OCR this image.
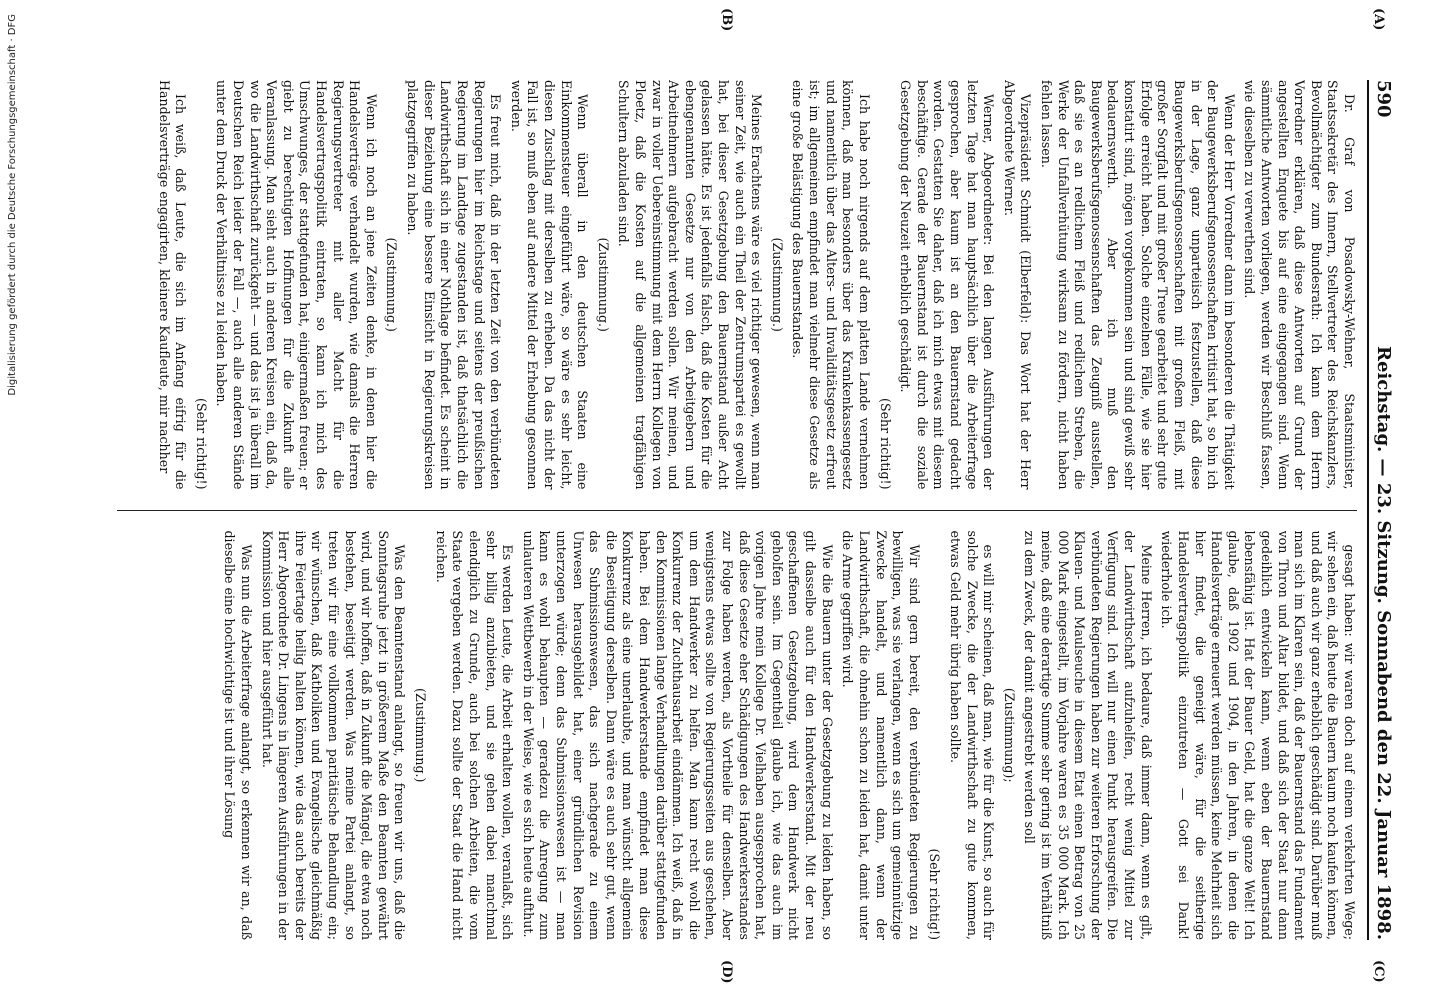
590
Reichstag. — 23. Sitzung. Sonnabend den 22. Januar 1898.

Dr. Graf von Posadowsky-Wehner, Staatsminister, Staatssekretär des Innern, Stellvertreter des Reichskanzlers, Bevollmächtigter zum Bundesrath: Ich kann dem Herrn Vorredner erklären, daß diese Antworten auf Grund der angestellten Enquete bis auf eine eingegangen sind. Wenn sämmtliche Antworten vorliegen, werden wir Beschluß fassen, wie dieselben zu verwerthen sind.

Wenn der Herr Vorredner dann im besonderen die Thätigkeit der Baugewerksberufsgenossenschaften kritisirt hat, so bin ich in der Lage, ganz unparteiisch festzustellen, daß diese Baugewerksberufsgenossenschaften mit großem Fleiß, mit großer Sorgfalt und mit großer Treue gearbeitet und sehr gute Erfolge erreicht haben. Solche einzelnen Fälle, wie sie hier konstatirt sind, mögen vorgekommen sein und sind gewiß sehr bedauernswerth. Aber ich muß den Baugewerksberufsgenossenschaften das Zeugniß ausstellen, daß sie es an redlichem Fleiß und redlichem Streben, die Werke der Unfallverhütung wirksam zu fördern, nicht haben fehlen lassen.

Vizepräsident Schmidt (Elberfeld): Das Wort hat der Herr Abgeordnete Werner.

Werner, Abgeordneter: Bei den langen Ausführungen der letzten Tage hat man hauptsächlich über die Arbeiterfrage gesprochen, aber kaum ist an den Bauernstand gedacht worden. Gestatten Sie daher, daß ich mich etwas mit diesem beschäftige. Gerade der Bauernstand ist durch die soziale Gesetzgebung der Neuzeit erheblich geschädigt.

(Sehr richtig!)

Ich habe noch nirgends auf dem platten Lande vernehmen können, daß man besonders über das Krankenkassengesetz und namentlich über das Alters- und Invaliditätsgesetz erfreut ist; im allgemeinen empfindet man vielmehr diese Gesetze als eine große Belästigung des Bauernstandes.

(Zustimmung.)

Meines Erachtens wäre es viel richtiger gewesen, wenn man seiner Zeit, wie auch ein Theil der Zentrumspartei es gewollt hat, bei dieser Gesetzgebung den Bauernstand außer Acht gelassen hätte. Es ist jedenfalls falsch, daß die Kosten für die ebengenannten Gesetze nur von den Arbeitgebern und Arbeitnehmern aufgebracht werden sollen. Wir meinen, und zwar in voller Uebereinstimmung mit dem Herrn Kollegen von Ploetz, daß die Kosten auf die allgemeinen tragfähigen Schultern abzuladen sind.

(Zustimmung.)

Wenn überall in den deutschen Staaten eine Einkommensteuer eingeführt wäre, so wäre es sehr leicht, diesen Zuschlag mit derselben zu erheben. Da das nicht der Fall ist, so muß eben auf andere Mittel der Erhebung gesonnen werden.

Es freut mich, daß in der letzten Zeit von den verbündeten Regierungen hier im Reichstage und seitens der preußischen Regierung im Landtage zugestanden ist, daß thatsächlich die Landwirthschaft sich in einer Nothlage befindet. Es scheint in dieser Beziehung eine bessere Einsicht in Regierungskreisen platzgegriffen zu haben.

(Zustimmung.)

Wenn ich noch an jene Zeiten denke, in denen hier die Handelsverträge verhandelt wurden, wie damals die Herren Regierungsvertreter mit aller Macht für die Handelsvertragspolitik eintraten, so kann ich mich des Umschwunges, der stattgefunden hat, einigermaßen freuen; er giebt zu berechtigten Hoffnungen für die Zukunft alle Veranlassung. Man sieht auch in anderen Kreisen ein, daß da, wo die Landwirthschaft zurückgeht — und das ist ja überall im Deutschen Reich leider der Fall —, auch alle anderen Stände unter dem Druck der Verhältnisse zu leiden haben.

(Sehr richtig!)

Ich weiß, daß Leute, die sich im Anfang eifrig für die Handelsverträge engagirten, kleinere Kaufleute, mir nachher

gesagt haben: wir waren doch auf einem verkehrten Wege; wir sehen ein, daß heute die Bauern kaum noch kaufen können, und daß auch wir ganz erheblich geschädigt sind. Darüber muß man sich im Klaren sein, daß der Bauernstand das Fundament von Thron und Altar bildet, und daß sich der Staat nur dann gedeihlich entwickeln kann, wenn eben der Bauernstand lebensfähig ist. Hat der Bauer Geld, hat die ganze Welt! Ich glaube, daß 1902 und 1904, in den Jahren, in denen die Handelsverträge erneuert werden müssen, keine Mehrheit sich hier findet, die geneigt wäre, für die seitherige Handelsvertragspolitik einzutreten — Gott sei Dank! wiederhole ich.

Meine Herren, ich bedaure, daß immer dann, wenn es gilt, der Landwirthschaft aufzuhelfen, recht wenig Mittel zur Verfügung sind. Ich will nur einen Punkt herausgreifen. Die verbündeten Regierungen haben zur weiteren Erforschung der Klauen- und Maulseuche in diesem Etat einen Betrag von 25 000 Mark eingestellt, im Vorjahre waren es 35 000 Mark. Ich meine, daß eine derartige Summe sehr gering ist im Verhältniß zu dem Zweck, der damit angestrebt werden soll

(Zustimmung);

es will mir scheinen, daß man, wie für die Kunst, so auch für solche Zwecke, die der Landwirthschaft zu gute kommen, etwas Geld mehr übrig haben sollte.

(Sehr richtig!)

Wir sind gern bereit, den verbündeten Regierungen zu bewilligen, was sie verlangen, wenn es sich um gemeinnützige Zwecke handelt, und namentlich dann, wenn der Landwirthschaft, die ohnehin schon zu leiden hat, damit unter die Arme gegriffen wird.

Wie die Bauern unter der Gesetzgebung zu leiden haben, so gilt dasselbe auch für den Handwerkerstand. Mit der neu geschaffenen Gesetzgebung, wird dem Handwerk nicht geholfen sein. Im Gegentheil glaube ich, wie das auch im vorigen Jahre mein Kollege Dr. Vielhaben ausgesprochen hat, daß diese Gesetze eher Schädigungen des Handwerkerstandes zur Folge haben werden, als Vortheile für denselben. Aber wenigstens etwas sollte von Regierungsseiten aus geschehen, um dem Handwerker zu helfen. Man kann recht wohl die Konkurrenz der Zuchthausarbeit eindämmen. Ich weiß, daß in den Kommissionen lange Verhandlungen darüber stattgefunden haben. Bei dem Handwerkerstande empfindet man diese Konkurrenz als eine unerlaubte, und man wünscht allgemein die Beseitigung derselben. Dann wäre es auch sehr gut, wenn das Submissionswesen, das sich nachgerade zu einem Unwesen herausgebildet hat, einer gründlichen Revision unterzogen würde; denn das Submissionswesen ist — man kann es wohl behaupten — geradezu die Anregung zum unlauteren Wettbewerb in der Weise, wie es sich heute aufthut.

Es werden Leute, die Arbeit erhalten wollen, veranlaßt, sich sehr billig anzubieten, und sie gehen dabei manchmal elendiglich zu Grunde, auch bei solchen Arbeiten, die vom Staate vergeben werden. Dazu sollte der Staat die Hand nicht reichen.

(Zustimmung.)

Was den Beamtenstand anlangt, so freuen wir uns, daß die Sonntagsruhe jetzt in größerem Maße den Beamten gewährt wird, und wir hoffen, daß in Zukunft die Mängel, die etwa noch bestehen, beseitigt werden. Was meine Partei anlangt, so treten wir für eine vollkommen paritätische Behandlung ein; wir wünschen, daß Katholiken und Evangelische gleichmäßig ihre Feiertage heilig halten können, wie das auch bereits der Herr Abgeordnete Dr. Lingens in längeren Ausführungen in der Kommission und hier ausgeführt hat.

Was nun die Arbeiterfrage anlangt, so erkennen wir an, daß dieselbe eine hochwichtige ist und ihrer Lösung

(A)
(B)
(C)
(D)
Digitalisierung gefördert durch die Deutsche Forschungsgemeinschaft · DFG
